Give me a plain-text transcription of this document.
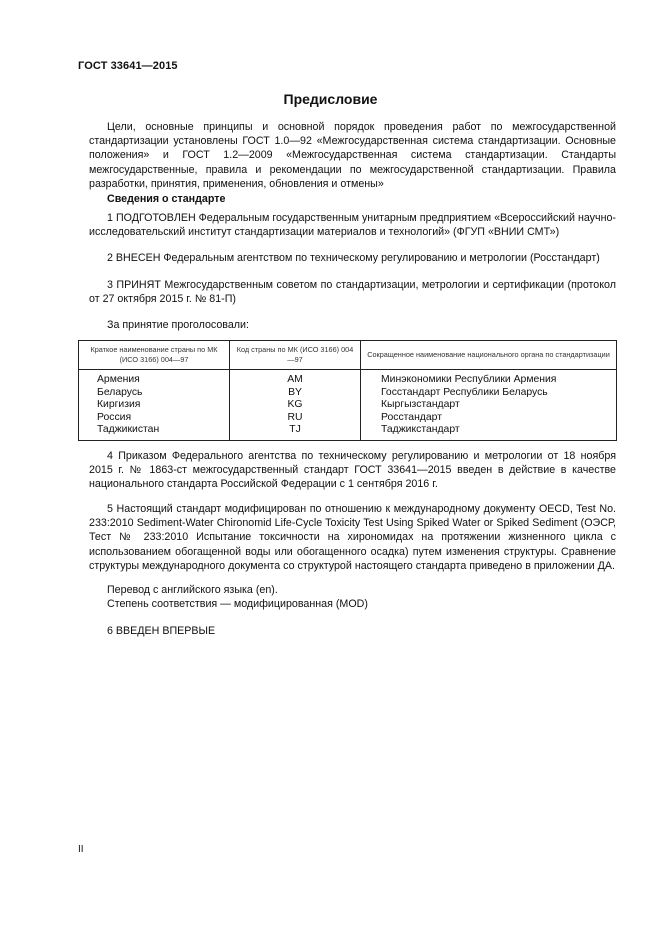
ГОСТ 33641—2015
Предисловие
Цели, основные принципы и основной порядок проведения работ по межгосударственной стандартизации установлены ГОСТ 1.0—92 «Межгосударственная система стандартизации. Основные положения» и ГОСТ 1.2—2009 «Межгосударственная система стандартизации. Стандарты межгосударственные, правила и рекомендации по межгосударственной стандартизации. Правила разработки, принятия, применения, обновления и отмены»
Сведения о стандарте
1 ПОДГОТОВЛЕН Федеральным государственным унитарным предприятием «Всероссийский научно-исследовательский институт стандартизации материалов и технологий» (ФГУП «ВНИИ СМТ»)
2 ВНЕСЕН Федеральным агентством по техническому регулированию и метрологии (Росстандарт)
3 ПРИНЯТ Межгосударственным советом по стандартизации, метрологии и сертификации (протокол от 27 октября 2015 г. № 81-П)
За принятие проголосовали:
Краткое наименование страны по МК (ИСО 3166) 004—97	Код страны по МК (ИСО 3166) 004—97	Сокращенное наименование национального органа по стандартизации
Армения	AM	Минэкономики Республики Армения
Беларусь	BY	Госстандарт Республики Беларусь
Киргизия	KG	Кыргызстандарт
Россия	RU	Росстандарт
Таджикистан	TJ	Таджикстандарт
4 Приказом Федерального агентства по техническому регулированию и метрологии от 18 ноября 2015 г. № 1863-ст межгосударственный стандарт ГОСТ 33641—2015 введен в действие в качестве национального стандарта Российской Федерации с 1 сентября 2016 г.
5 Настоящий стандарт модифицирован по отношению к международному документу OECD, Test No. 233:2010 Sediment-Water Chironomid Life-Cycle Toxicity Test Using Spiked Water or Spiked Sediment (ОЭСР, Тест № 233:2010 Испытание токсичности на хирономидах на протяжении жизненного цикла с использованием обогащенной воды или обогащенного осадка) путем изменения структуры. Сравнение структуры международного документа со структурой настоящего стандарта приведено в приложении ДА.
Перевод с английского языка (en).
Степень соответствия — модифицированная (MOD)
6 ВВЕДЕН ВПЕРВЫЕ
II
